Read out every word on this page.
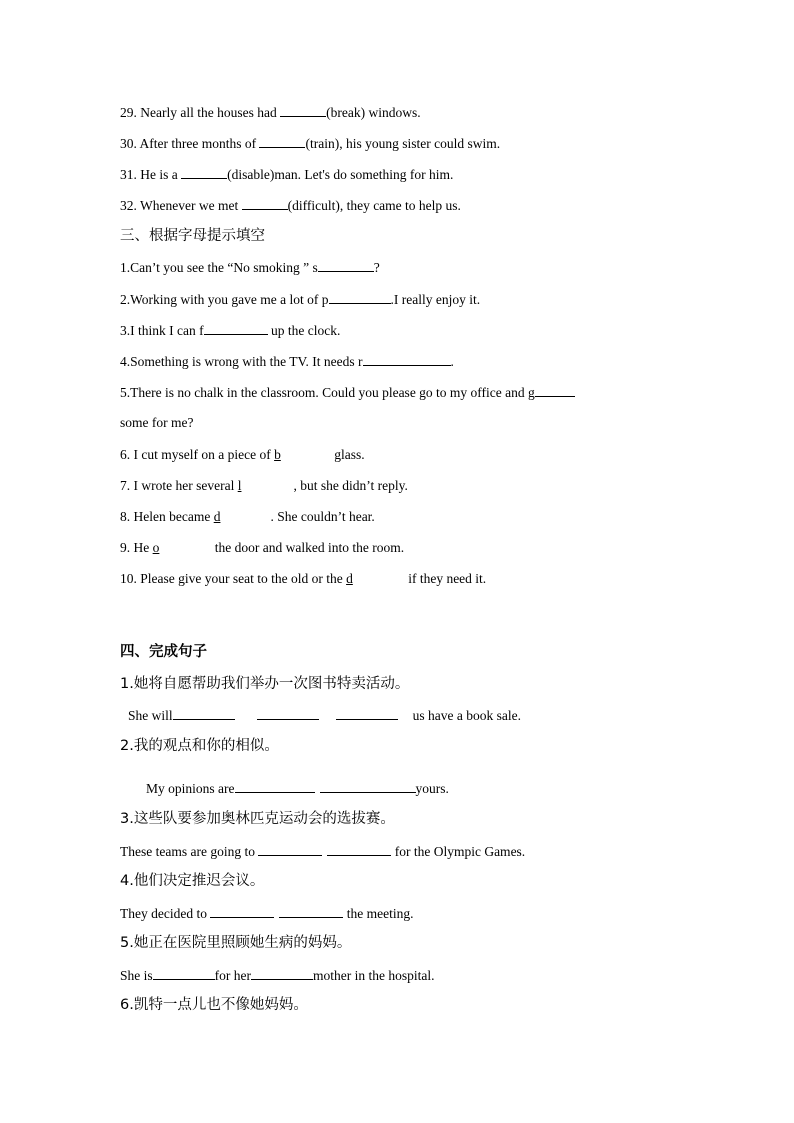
29. Nearly all the houses had	(break) windows.
30. After three months of	(train), his young sister could swim.
31. He is a	(disable)man. Let's do something for him.
32. Whenever we met	(difficult), they came to help us.
三、根据字母提示填空
1.Can’t you see the “No smoking ” s	?
2.Working with you gave me a lot of p	.I really enjoy it.
3.I think I can f	up the clock.
4.Something is wrong with the TV. It needs r	.
5.There is no chalk in the classroom. Could you please go to my office and g
some for me?
6. I cut myself on a piece of b	glass.
7. I wrote her several l	, but she didn’t reply.
8. Helen became d	. She couldn’t hear.
9. He o	the door and walked into the room.
10. Please give your seat to the old or the d	if they need it.
四、完成句子
1.她将自愿帮助我们举办一次图书特卖活动。
She will	us have a book sale.
2.我的观点和你的相似。
My opinions are	yours.
3.这些队要参加奥林匹克运动会的选拔赛。
These teams are going to	for the Olympic Games.
4.他们决定推迟会议。
They decided to	the meeting.
5.她正在医院里照顾她生病的妈妈。
She is	for her	mother in the hospital.
6.凯特一点儿也不像她妈妈。
